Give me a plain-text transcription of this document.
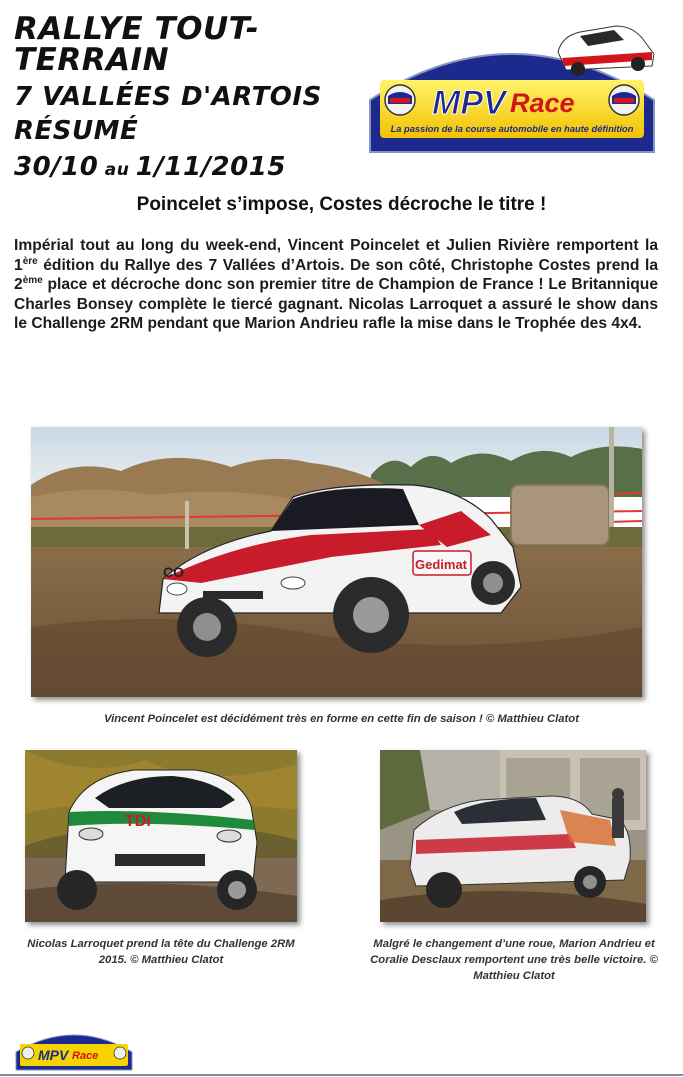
RALLYE TOUT-TERRAIN
7 VALLÉES D'ARTOIS
RÉSUMÉ
30/10 au 1/11/2015
MPV Race
La passion de la course automobile en haute définition
Poincelet s’impose, Costes décroche le titre !
Impérial tout au long du week-end, Vincent Poincelet et Julien Rivière remportent la 1ère édition du Rallye des 7 Vallées d’Artois. De son côté, Christophe Costes prend la 2ème place et décroche donc son premier titre de Champion de France ! Le Britannique Charles Bonsey complète le tiercé gagnant. Nicolas Larroquet a assuré le show dans le Challenge 2RM pendant que Marion Andrieu rafle la mise dans le Trophée des 4x4.
Gedimat
CO
Vincent Poincelet est décidément très en forme en cette fin de saison ! © Matthieu Clatot
TDI
Nicolas Larroquet prend la tête du Challenge 2RM 2015. © Matthieu Clatot
Malgré le changement d’une roue, Marion Andrieu et Coralie Desclaux remportent une très belle victoire. © Matthieu Clatot
MPV Race
